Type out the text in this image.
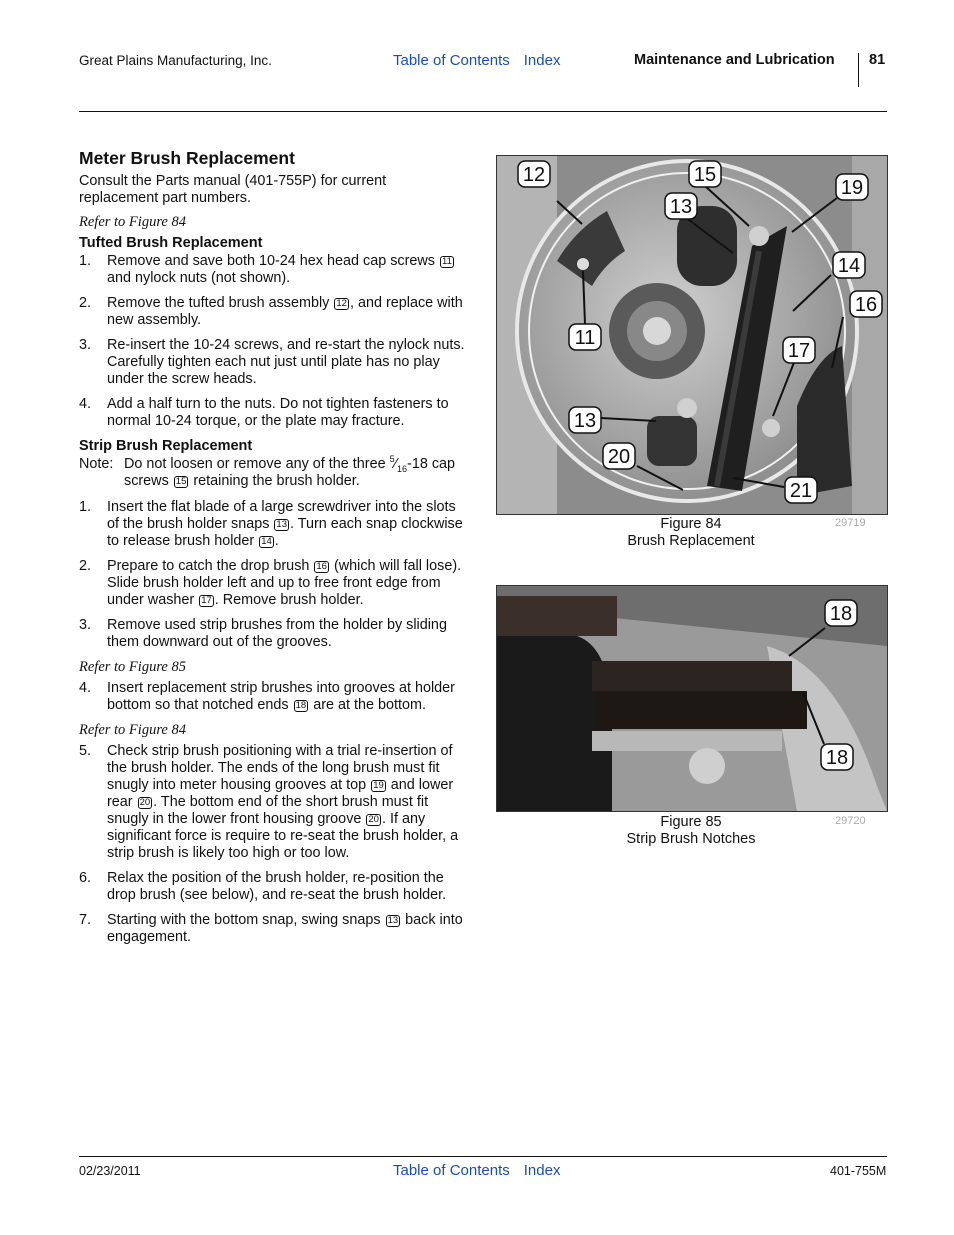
Great Plains Manufacturing, Inc.	Table of Contents Index	Maintenance and Lubrication 81
Meter Brush Replacement

Consult the Parts manual (401-755P) for current replacement part numbers.

Refer to Figure 84
Tufted Brush Replacement
1. Remove and save both 10-24 hex head cap screws 11 and nylock nuts (not shown).
2. Remove the tufted brush assembly 12 , and replace with new assembly.
3. Re-insert the 10-24 screws, and re-start the nylock nuts. Carefully tighten each nut just until plate has no play under the screw heads.
4. Add a half turn to the nuts. Do not tighten fasteners to normal 10-24 torque, or the plate may fracture.
Strip Brush Replacement
Note: Do not loosen or remove any of the three $^5⁄_{16}-18$ cap screws 15 retaining the brush holder.
1. Insert the flat blade of a large screwdriver into the slots of the brush holder snaps 13 . Turn each snap clockwise to release brush holder 14 .
2. Prepare to catch the drop brush 16 (which will fall lose). Slide brush holder left and up to free front edge from under washer 17 . Remove brush holder.
3. Remove used strip brushes from the holder by sliding them downward out of the grooves.
Refer to Figure 85
4. Insert replacement strip brushes into grooves at holder bottom so that notched ends 18 are at the bottom.
Refer to Figure 84
5. Check strip brush positioning with a trial re-insertion of the brush holder. The ends of the long brush must fit snugly into meter housing grooves at top 19 and lower rear 20 . The bottom end of the short brush must fit snugly in the lower front housing groove 20 . If any significant force is require to re-seat the brush holder, a strip brush is likely too high or too low.
6. Relax the position of the brush holder, re-position the drop brush (see below), and re-seat the brush holder.
7. Starting with the bottom snap, swing snaps 13 back into engagement.
12	15
19
13
14
16
11
17
13
20
21
Figure 84
Brush Replacement
29719
18
18
Figure 85
Strip Brush Notches
29720
02/23/2011	Table of Contents Index	401-755M
